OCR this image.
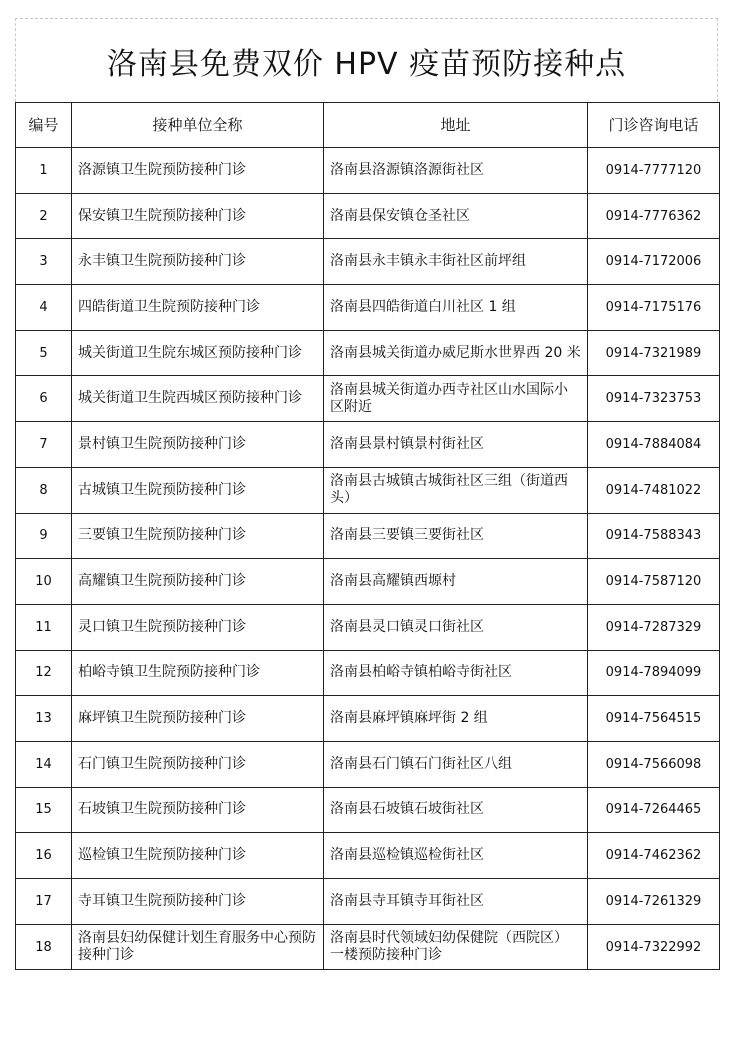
洛南县免费双价 HPV 疫苗预防接种点
编号	接种单位全称	地址	门诊咨询电话
1	洛源镇卫生院预防接种门诊	洛南县洛源镇洛源街社区	0914-7777120
2	保安镇卫生院预防接种门诊	洛南县保安镇仓圣社区	0914-7776362
3	永丰镇卫生院预防接种门诊	洛南县永丰镇永丰街社区前坪组	0914-7172006
4	四皓街道卫生院预防接种门诊	洛南县四皓街道白川社区 1 组	0914-7175176
5	城关街道卫生院东城区预防接种门诊	洛南县城关街道办威尼斯水世界西 20 米	0914-7321989
6	城关街道卫生院西城区预防接种门诊	洛南县城关街道办西寺社区山水国际小区附近	0914-7323753
7	景村镇卫生院预防接种门诊	洛南县景村镇景村街社区	0914-7884084
8	古城镇卫生院预防接种门诊	洛南县古城镇古城街社区三组（街道西头）	0914-7481022
9	三要镇卫生院预防接种门诊	洛南县三要镇三要街社区	0914-7588343
10	高耀镇卫生院预防接种门诊	洛南县高耀镇西塬村	0914-7587120
11	灵口镇卫生院预防接种门诊	洛南县灵口镇灵口街社区	0914-7287329
12	柏峪寺镇卫生院预防接种门诊	洛南县柏峪寺镇柏峪寺街社区	0914-7894099
13	麻坪镇卫生院预防接种门诊	洛南县麻坪镇麻坪街 2 组	0914-7564515
14	石门镇卫生院预防接种门诊	洛南县石门镇石门街社区八组	0914-7566098
15	石坡镇卫生院预防接种门诊	洛南县石坡镇石坡街社区	0914-7264465
16	巡检镇卫生院预防接种门诊	洛南县巡检镇巡检街社区	0914-7462362
17	寺耳镇卫生院预防接种门诊	洛南县寺耳镇寺耳街社区	0914-7261329
18	洛南县妇幼保健计划生育服务中心预防接种门诊	洛南县时代领域妇幼保健院（西院区）一楼预防接种门诊	0914-7322992
